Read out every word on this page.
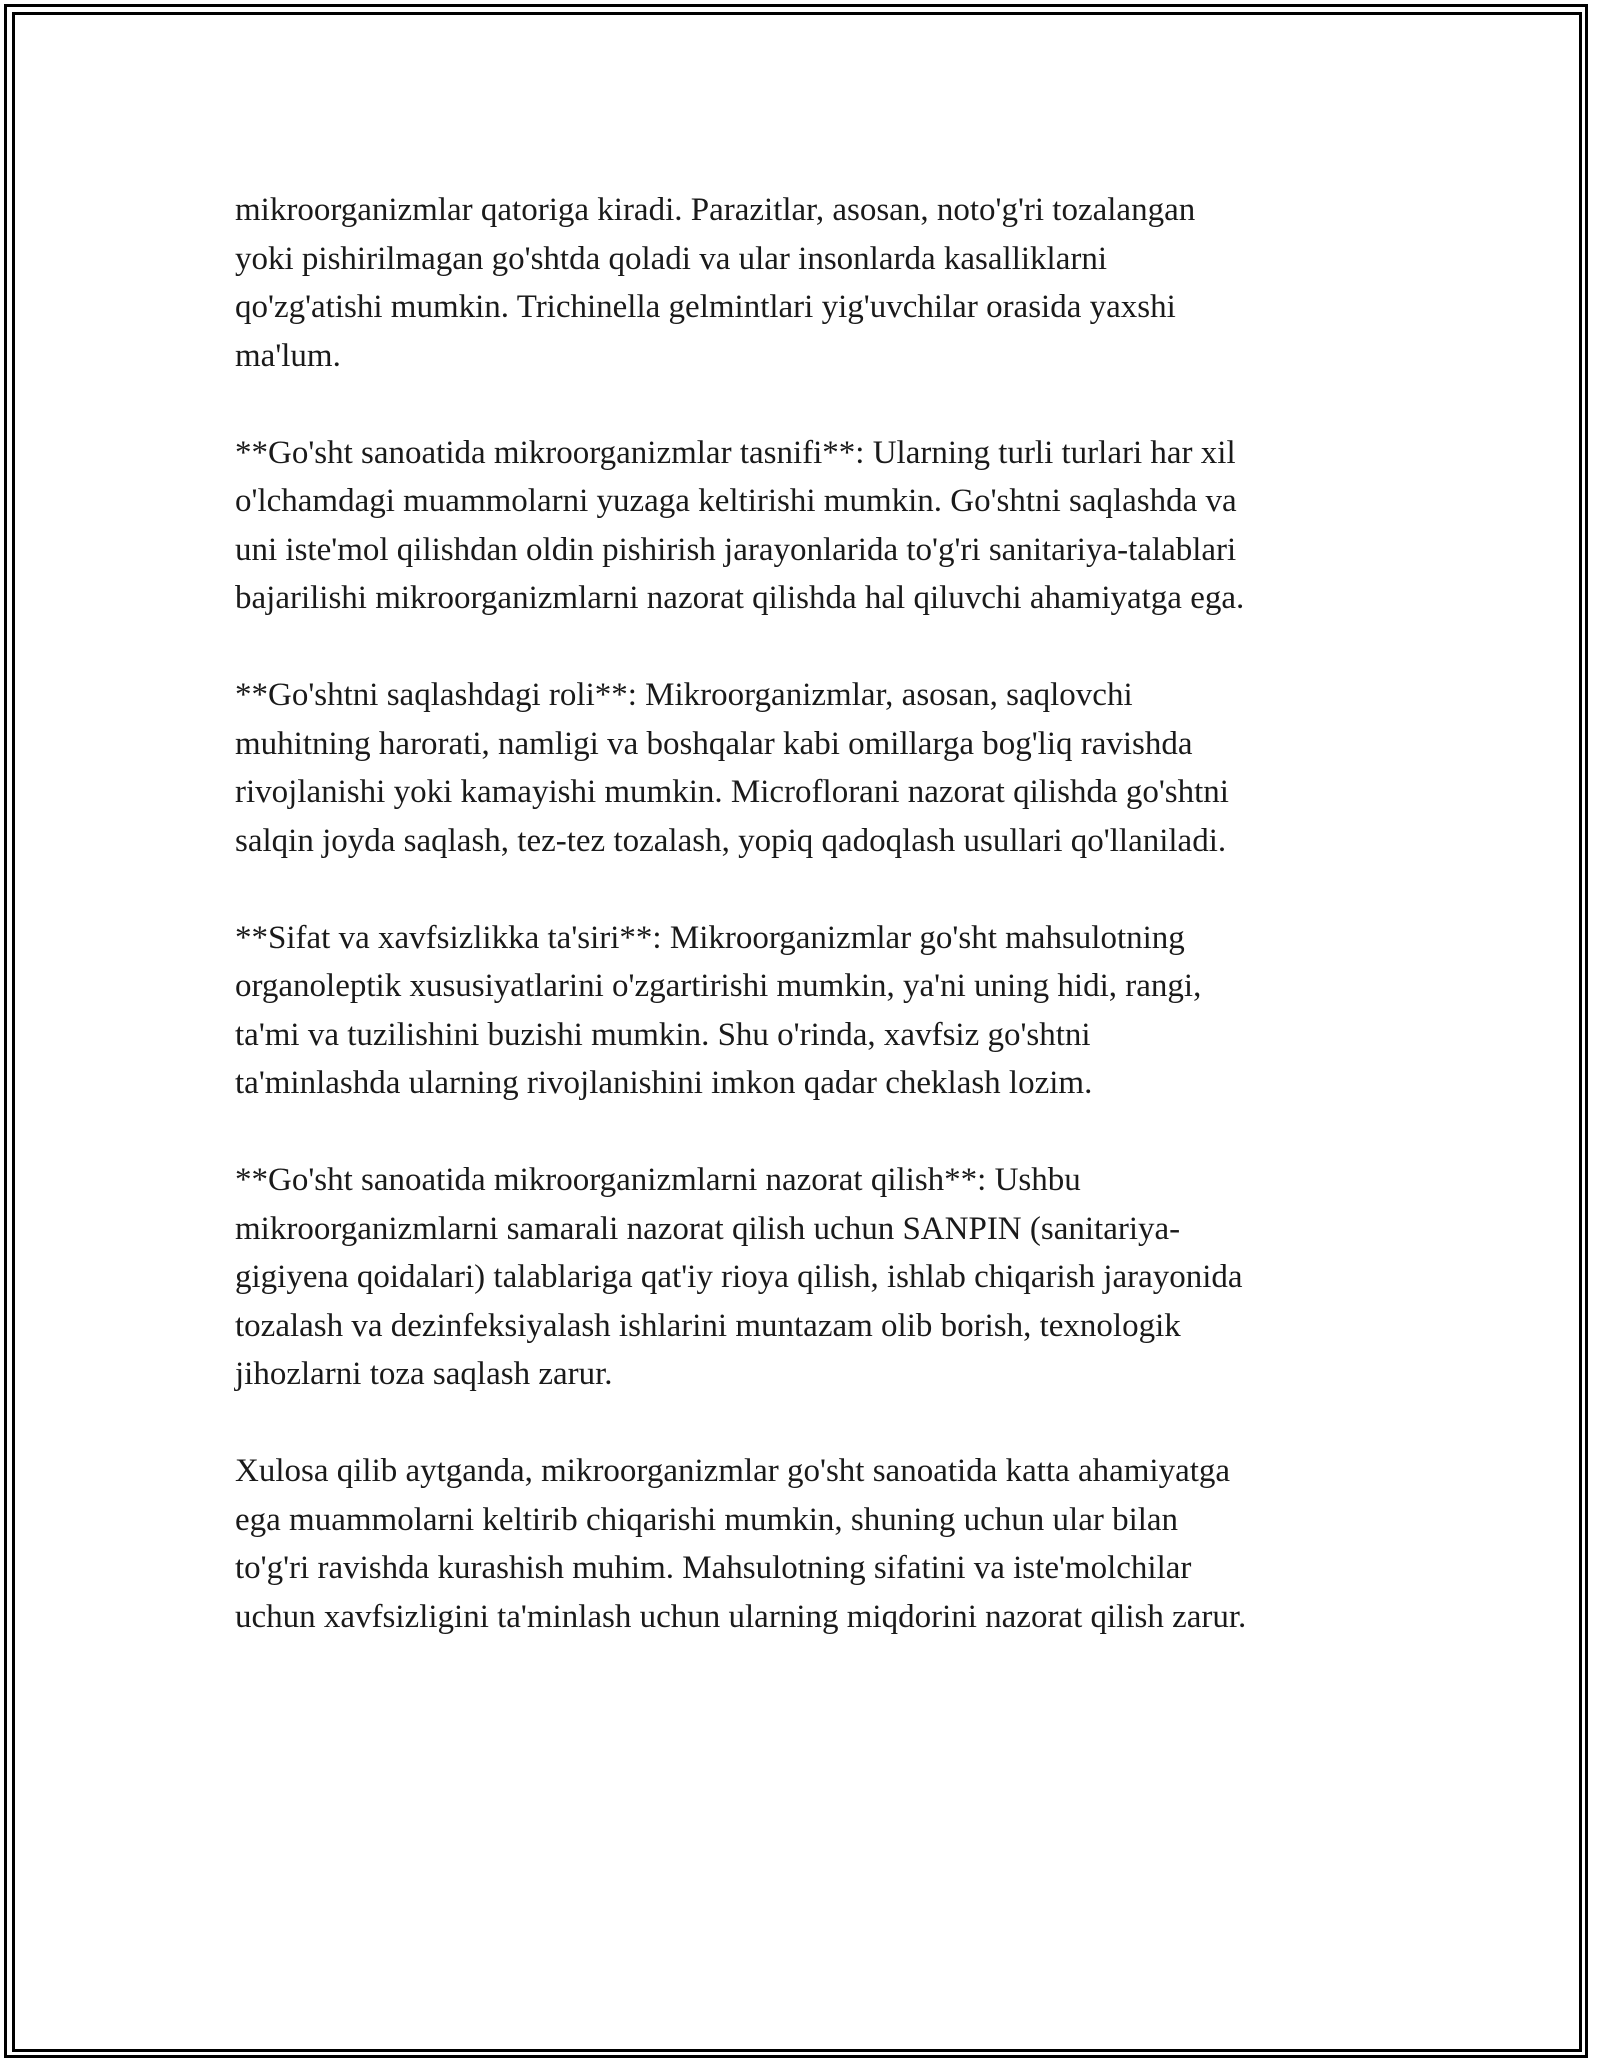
mikroorganizmlar qatoriga kiradi. Parazitlar, asosan, noto'g'ri tozalangan
yoki pishirilmagan go'shtda qoladi va ular insonlarda kasalliklarni
qo'zg'atishi mumkin. Trichinella gelmintlari yig'uvchilar orasida yaxshi
ma'lum.

**Go'sht sanoatida mikroorganizmlar tasnifi**: Ularning turli turlari har xil
o'lchamdagi muammolarni yuzaga keltirishi mumkin. Go'shtni saqlashda va
uni iste'mol qilishdan oldin pishirish jarayonlarida to'g'ri sanitariya-talablari
bajarilishi mikroorganizmlarni nazorat qilishda hal qiluvchi ahamiyatga ega.

**Go'shtni saqlashdagi roli**: Mikroorganizmlar, asosan, saqlovchi
muhitning harorati, namligi va boshqalar kabi omillarga bog'liq ravishda
rivojlanishi yoki kamayishi mumkin. Microflorani nazorat qilishda go'shtni
salqin joyda saqlash, tez-tez tozalash, yopiq qadoqlash usullari qo'llaniladi.

**Sifat va xavfsizlikka ta'siri**: Mikroorganizmlar go'sht mahsulotning
organoleptik xususiyatlarini o'zgartirishi mumkin, ya'ni uning hidi, rangi,
ta'mi va tuzilishini buzishi mumkin. Shu o'rinda, xavfsiz go'shtni
ta'minlashda ularning rivojlanishini imkon qadar cheklash lozim.

**Go'sht sanoatida mikroorganizmlarni nazorat qilish**: Ushbu
mikroorganizmlarni samarali nazorat qilish uchun SANPIN (sanitariya-
gigiyena qoidalari) talablariga qat'iy rioya qilish, ishlab chiqarish jarayonida
tozalash va dezinfeksiyalash ishlarini muntazam olib borish, texnologik
jihozlarni toza saqlash zarur.

Xulosa qilib aytganda, mikroorganizmlar go'sht sanoatida katta ahamiyatga
ega muammolarni keltirib chiqarishi mumkin, shuning uchun ular bilan
to'g'ri ravishda kurashish muhim. Mahsulotning sifatini va iste'molchilar
uchun xavfsizligini ta'minlash uchun ularning miqdorini nazorat qilish zarur.
